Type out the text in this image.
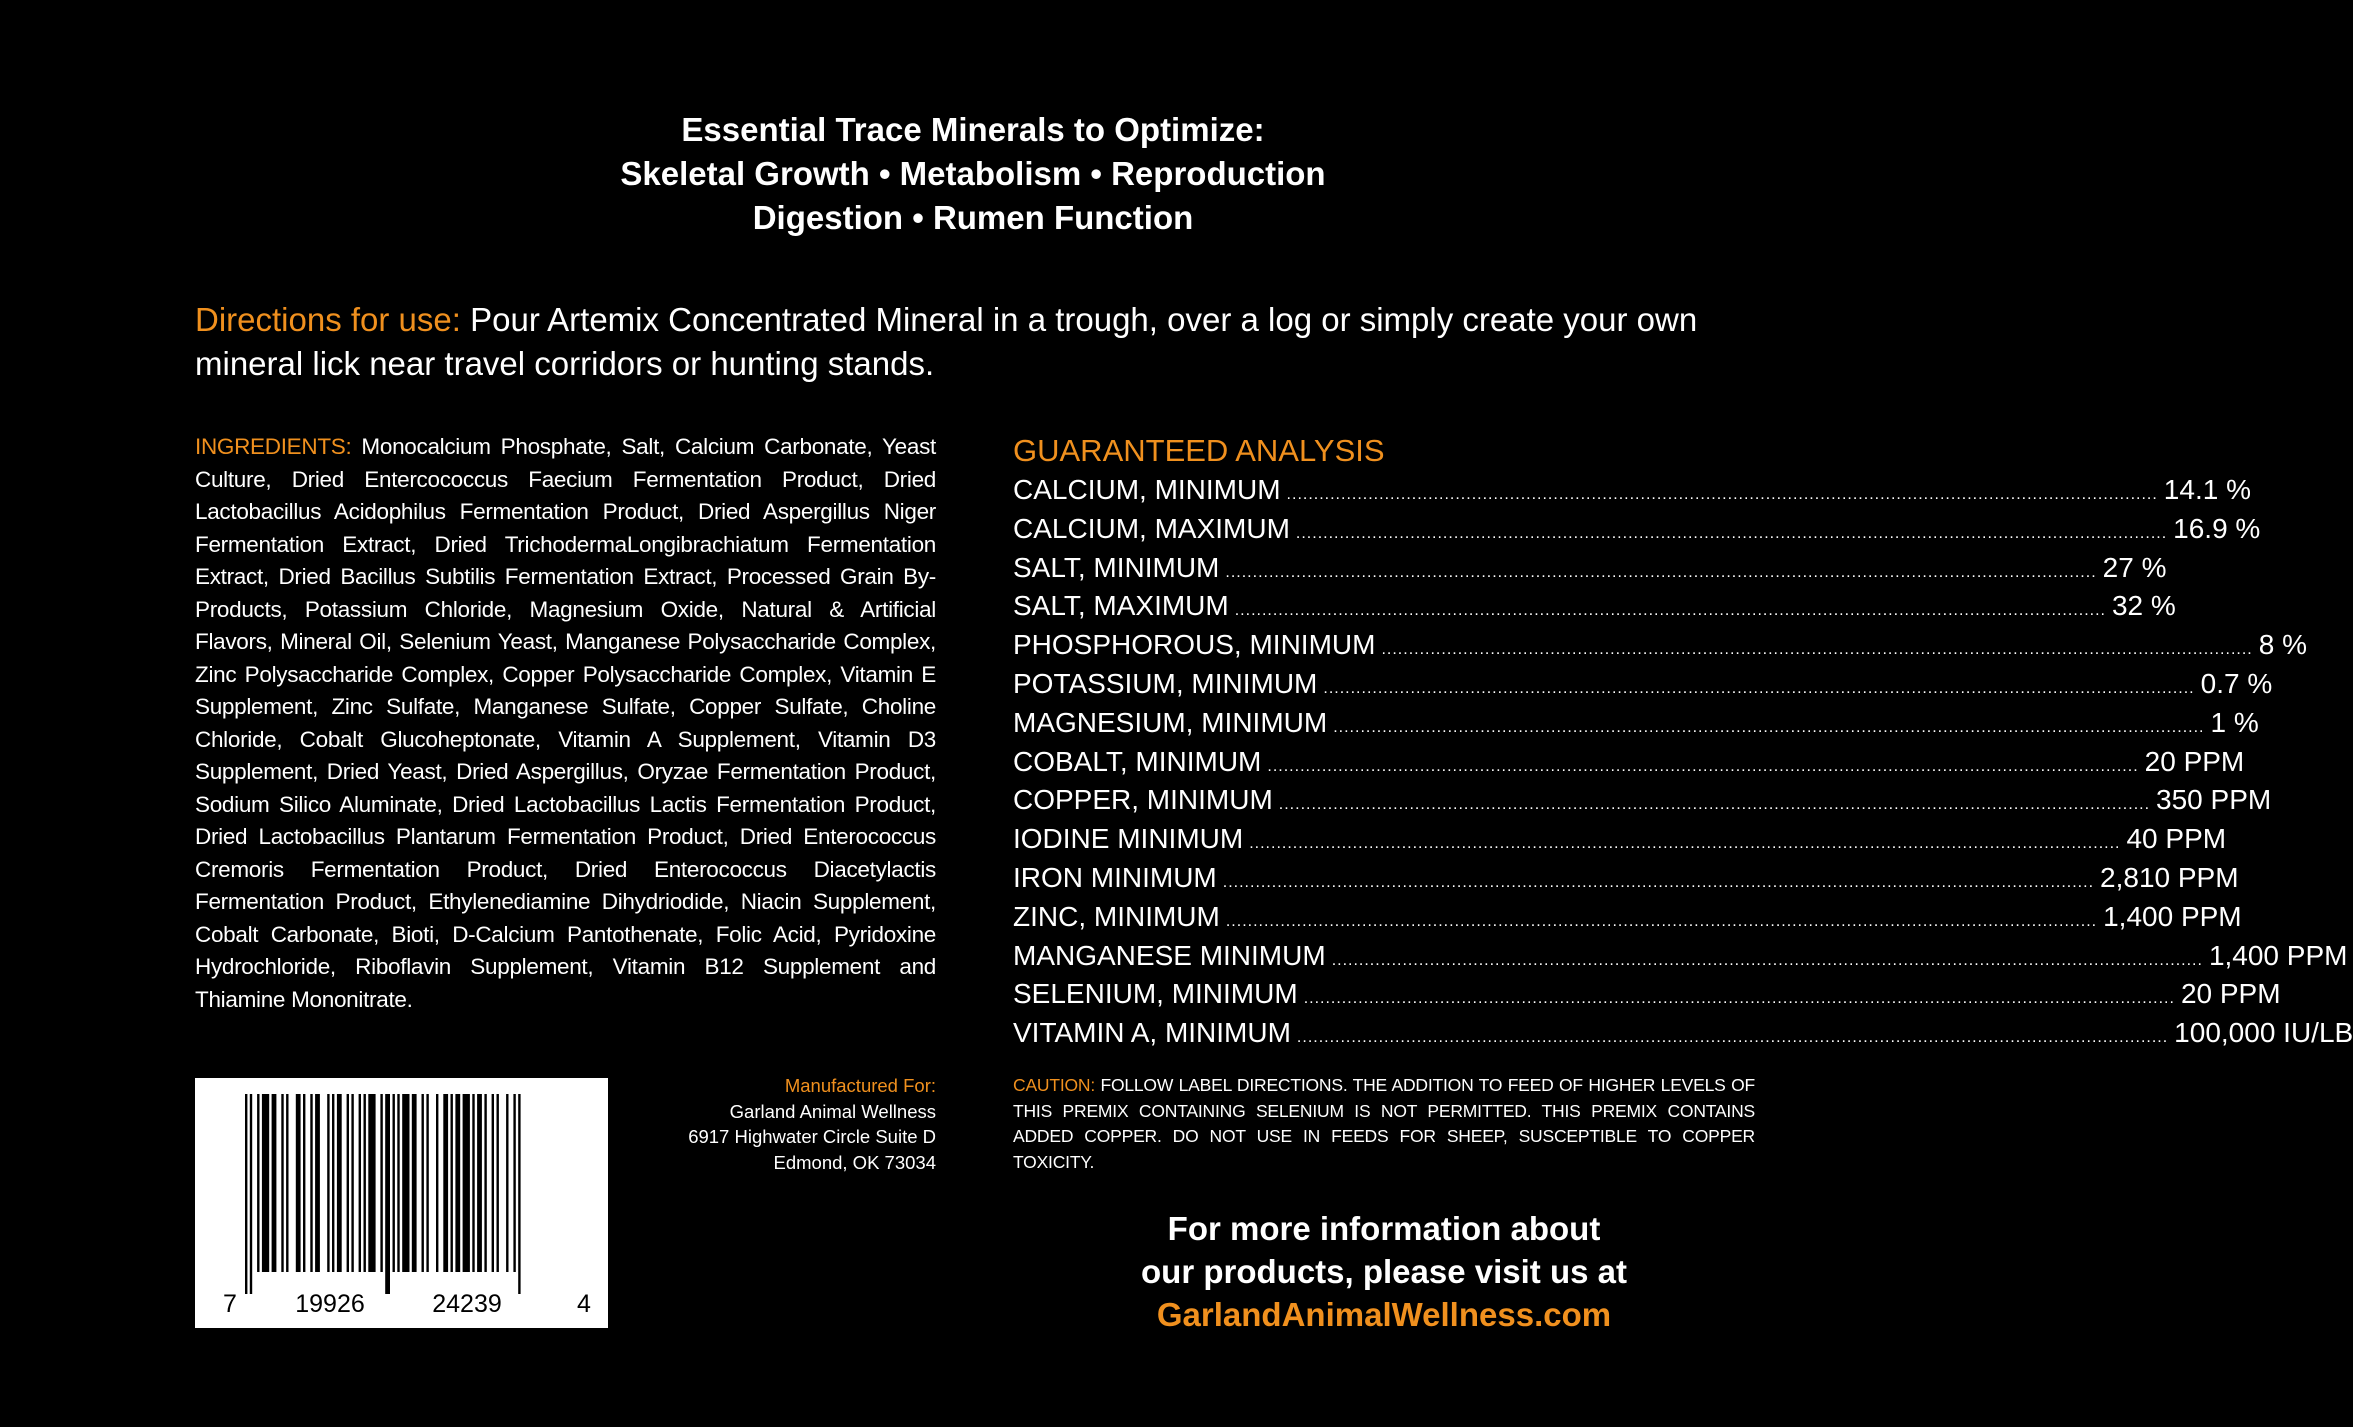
Essential Trace Minerals to Optimize:
Skeletal Growth • Metabolism • Reproduction
Digestion • Rumen Function
Directions for use: Pour Artemix Concentrated Mineral in a trough, over a log or simply create your own mineral lick near travel corridors or hunting stands.
INGREDIENTS: Monocalcium Phosphate, Salt, Calcium Carbonate, Yeast Culture, Dried Entercococcus Faecium Fermentation Product, Dried Lactobacillus Acidophilus Fermentation Product, Dried Aspergillus Niger Fermentation Extract, Dried TrichodermaLongibrachiatum Fermentation Extract, Dried Bacillus Subtilis Fermentation Extract, Processed Grain By-Products, Potassium Chloride, Magnesium Oxide, Natural & Artificial Flavors, Mineral Oil, Selenium Yeast, Manganese Polysaccharide Complex, Zinc Polysaccharide Complex, Copper Polysaccharide Complex, Vitamin E Supplement, Zinc Sulfate, Manganese Sulfate, Copper Sulfate, Choline Chloride, Cobalt Glucoheptonate, Vitamin A Supplement, Vitamin D3 Supplement, Dried Yeast, Dried Aspergillus, Oryzae Fermentation Product, Sodium Silico Aluminate, Dried Lactobacillus Lactis Fermentation Product, Dried Lactobacillus Plantarum Fermentation Product, Dried Enterococcus Cremoris Fermentation Product, Dried Enterococcus Diacetylactis Fermentation Product, Ethylenediamine Dihydriodide, Niacin Supplement, Cobalt Carbonate, Bioti, D-Calcium Pantothenate, Folic Acid, Pyridoxine Hydrochloride, Riboflavin Supplement, Vitamin B12 Supplement and Thiamine Mononitrate.
7 19926	24239	4
Manufactured For:
Garland Animal Wellness
6917 Highwater Circle Suite D
Edmond, OK 73034
GUARANTEED ANALYSIS
CALCIUM, MINIMUM ................................................................................................................................................................ 14.1 %
CALCIUM, MAXIMUM ................................................................................................................................................................ 16.9 %
SALT, MINIMUM ................................................................................................................................................................ 27 %
SALT, MAXIMUM ................................................................................................................................................................ 32 %
PHOSPHOROUS, MINIMUM ................................................................................................................................................................ 8 %
POTASSIUM, MINIMUM ................................................................................................................................................................ 0.7 %
MAGNESIUM, MINIMUM ................................................................................................................................................................ 1 %
COBALT, MINIMUM ................................................................................................................................................................ 20 PPM
COPPER, MINIMUM ................................................................................................................................................................ 350 PPM
IODINE MINIMUM ................................................................................................................................................................ 40 PPM
IRON MINIMUM ................................................................................................................................................................ 2,810 PPM
ZINC, MINIMUM ................................................................................................................................................................ 1,400 PPM
MANGANESE MINIMUM ................................................................................................................................................................ 1,400 PPM
SELENIUM, MINIMUM ................................................................................................................................................................ 20 PPM
VITAMIN A, MINIMUM ................................................................................................................................................................ 100,000 IU/LB
CAUTION: FOLLOW LABEL DIRECTIONS. THE ADDITION TO FEED OF HIGHER LEVELS OF THIS PREMIX CONTAINING SELENIUM IS NOT PERMITTED. THIS PREMIX CONTAINS ADDED COPPER. DO NOT USE IN FEEDS FOR SHEEP, SUSCEPTIBLE TO COPPER TOXICITY.
For more information about
our products, please visit us at
GarlandAnimalWellness.com
